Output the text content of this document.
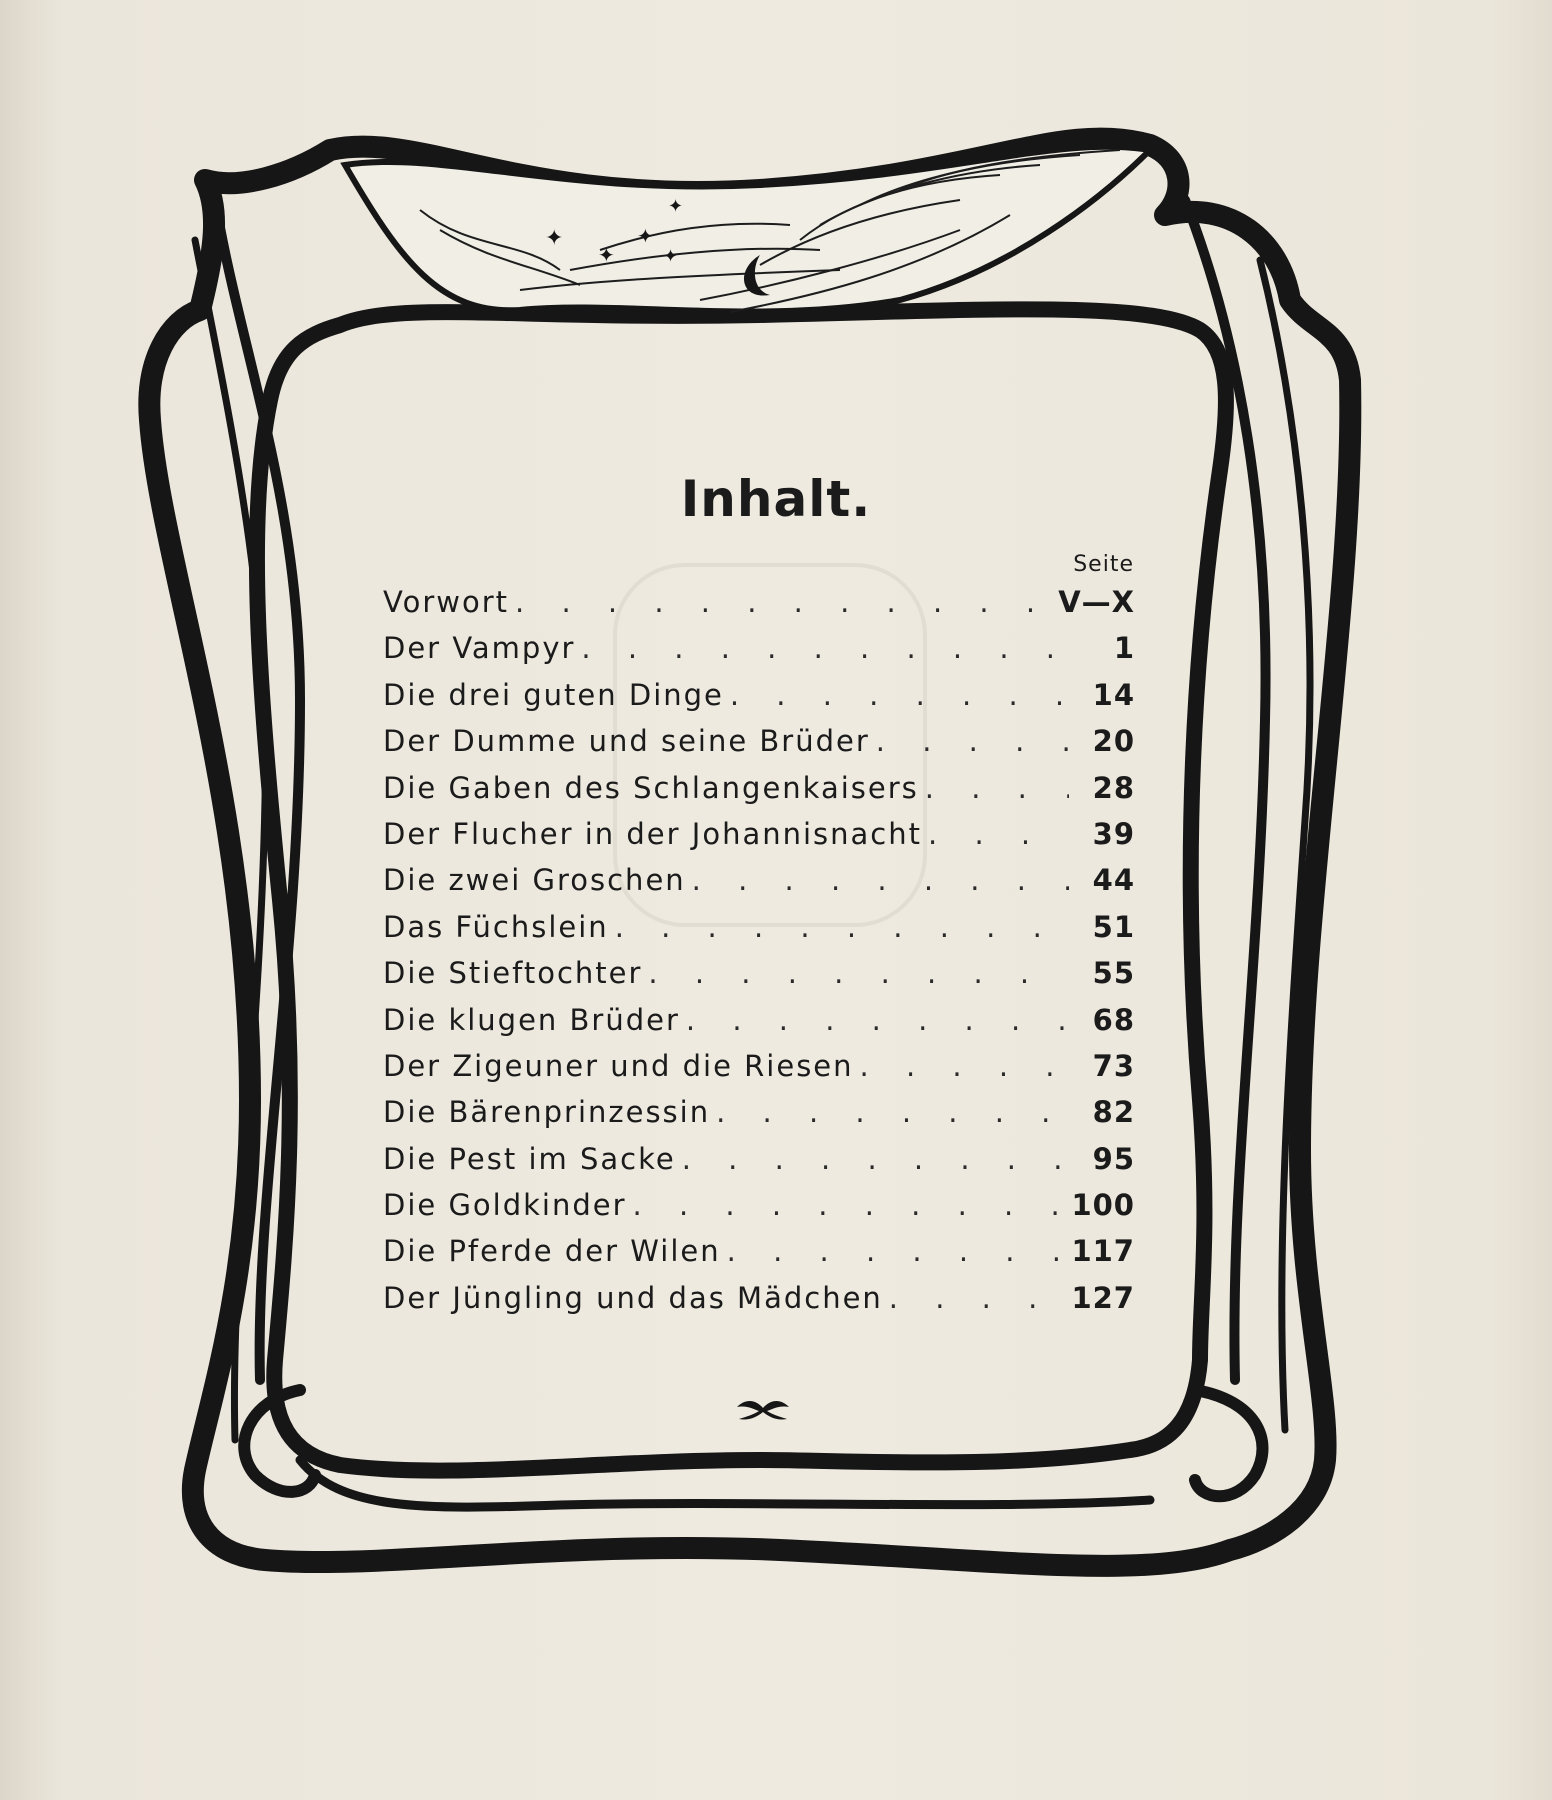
✦
✦
✦
✦
✦
Inhalt.
Seite
Vorwort . . .	V—X
Der Vampyr . . .	1
Die drei guten Dinge . . .	14
Der Dumme und seine Brüder . . .	20
Die Gaben des Schlangenkaisers . . .	28
Der Flucher in der Johannisnacht . . .	39
Die zwei Groschen . . .	44
Das Füchslein . . .	51
Die Stieftochter . . .	55
Die klugen Brüder . . .	68
Der Zigeuner und die Riesen . . .	73
Die Bärenprinzessin . . .	82
Die Pest im Sacke . . .	95
Die Goldkinder . . .	100
Die Pferde der Wilen . . .	117
Der Jüngling und das Mädchen . . .	127
